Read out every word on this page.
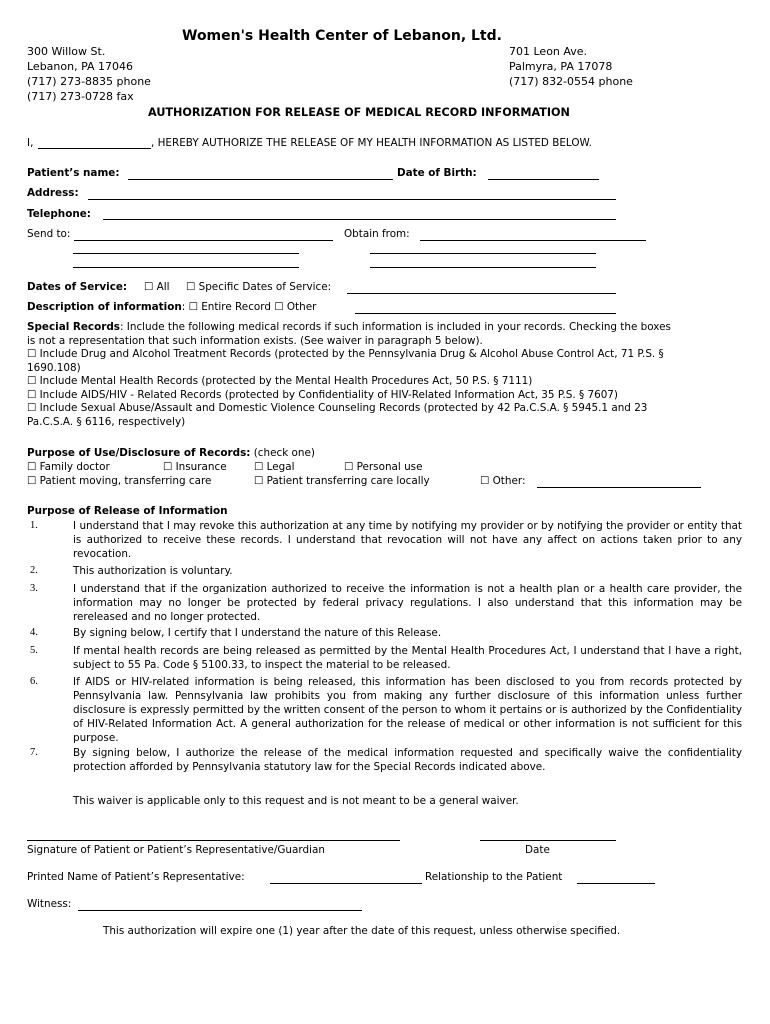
Women's Health Center of Lebanon, Ltd.
300 Willow St.
Lebanon, PA 17046
(717) 273-8835 phone
(717) 273-0728 fax
701 Leon Ave.
Palmyra, PA 17078
(717) 832-0554 phone
AUTHORIZATION FOR RELEASE OF MEDICAL RECORD INFORMATION
I,	, HEREBY AUTHORIZE THE RELEASE OF MY HEALTH INFORMATION AS LISTED BELOW.
Patient’s name:	Date of Birth:
Address:
Telephone:
Send to:	Obtain from:
Dates of Service: ☐ All ☐ Specific Dates of Service:
Description of information: ☐ Entire Record ☐ Other

Special Records: Include the following medical records if such information is included in your records. Checking the boxes

is not a representation that such information exists. (See waiver in paragraph 5 below).

☐ Include Drug and Alcohol Treatment Records (protected by the Pennsylvania Drug & Alcohol Abuse Control Act, 71 P.S. §

1690.108)

☐ Include Mental Health Records (protected by the Mental Health Procedures Act, 50 P.S. § 7111)

☐ Include AIDS/HIV - Related Records (protected by Confidentiality of HIV-Related Information Act, 35 P.S. § 7607)

☐ Include Sexual Abuse/Assault and Domestic Violence Counseling Records (protected by 42 Pa.C.S.A. § 5945.1 and 23

Pa.C.S.A. § 6116, respectively)

Purpose of Use/Disclosure of Records: (check one)
☐ Family doctor	☐ Insurance	☐ Legal	☐ Personal use
☐ Patient moving, transferring care	☐ Patient transferring care locally	☐ Other:
Purpose of Release of Information
1.	I understand that I may revoke this authorization at any time by notifying my provider or by notifying the provider or entity that is authorized to receive these records. I understand that revocation will not have any affect on actions taken prior to any revocation.
2.	This authorization is voluntary.
3.	I understand that if the organization authorized to receive the information is not a health plan or a health care provider, the information may no longer be protected by federal privacy regulations. I also understand that this information may be rereleased and no longer protected.
4.	By signing below, I certify that I understand the nature of this Release.
5.	If mental health records are being released as permitted by the Mental Health Procedures Act, I understand that I have a right, subject to 55 Pa. Code § 5100.33, to inspect the material to be released.
6.	If AIDS or HIV-related information is being released, this information has been disclosed to you from records protected by Pennsylvania law. Pennsylvania law prohibits you from making any further disclosure of this information unless further disclosure is expressly permitted by the written consent of the person to whom it pertains or is authorized by the Confidentiality of HIV-Related Information Act. A general authorization for the release of medical or other information is not sufficient for this purpose.
7.	By signing below, I authorize the release of the medical information requested and specifically waive the confidentiality protection afforded by Pennsylvania statutory law for the Special Records indicated above.
This waiver is applicable only to this request and is not meant to be a general waiver.
Signature of Patient or Patient’s Representative/Guardian	Date
Printed Name of Patient’s Representative:	Relationship to the Patient
Witness:
This authorization will expire one (1) year after the date of this request, unless otherwise specified.
